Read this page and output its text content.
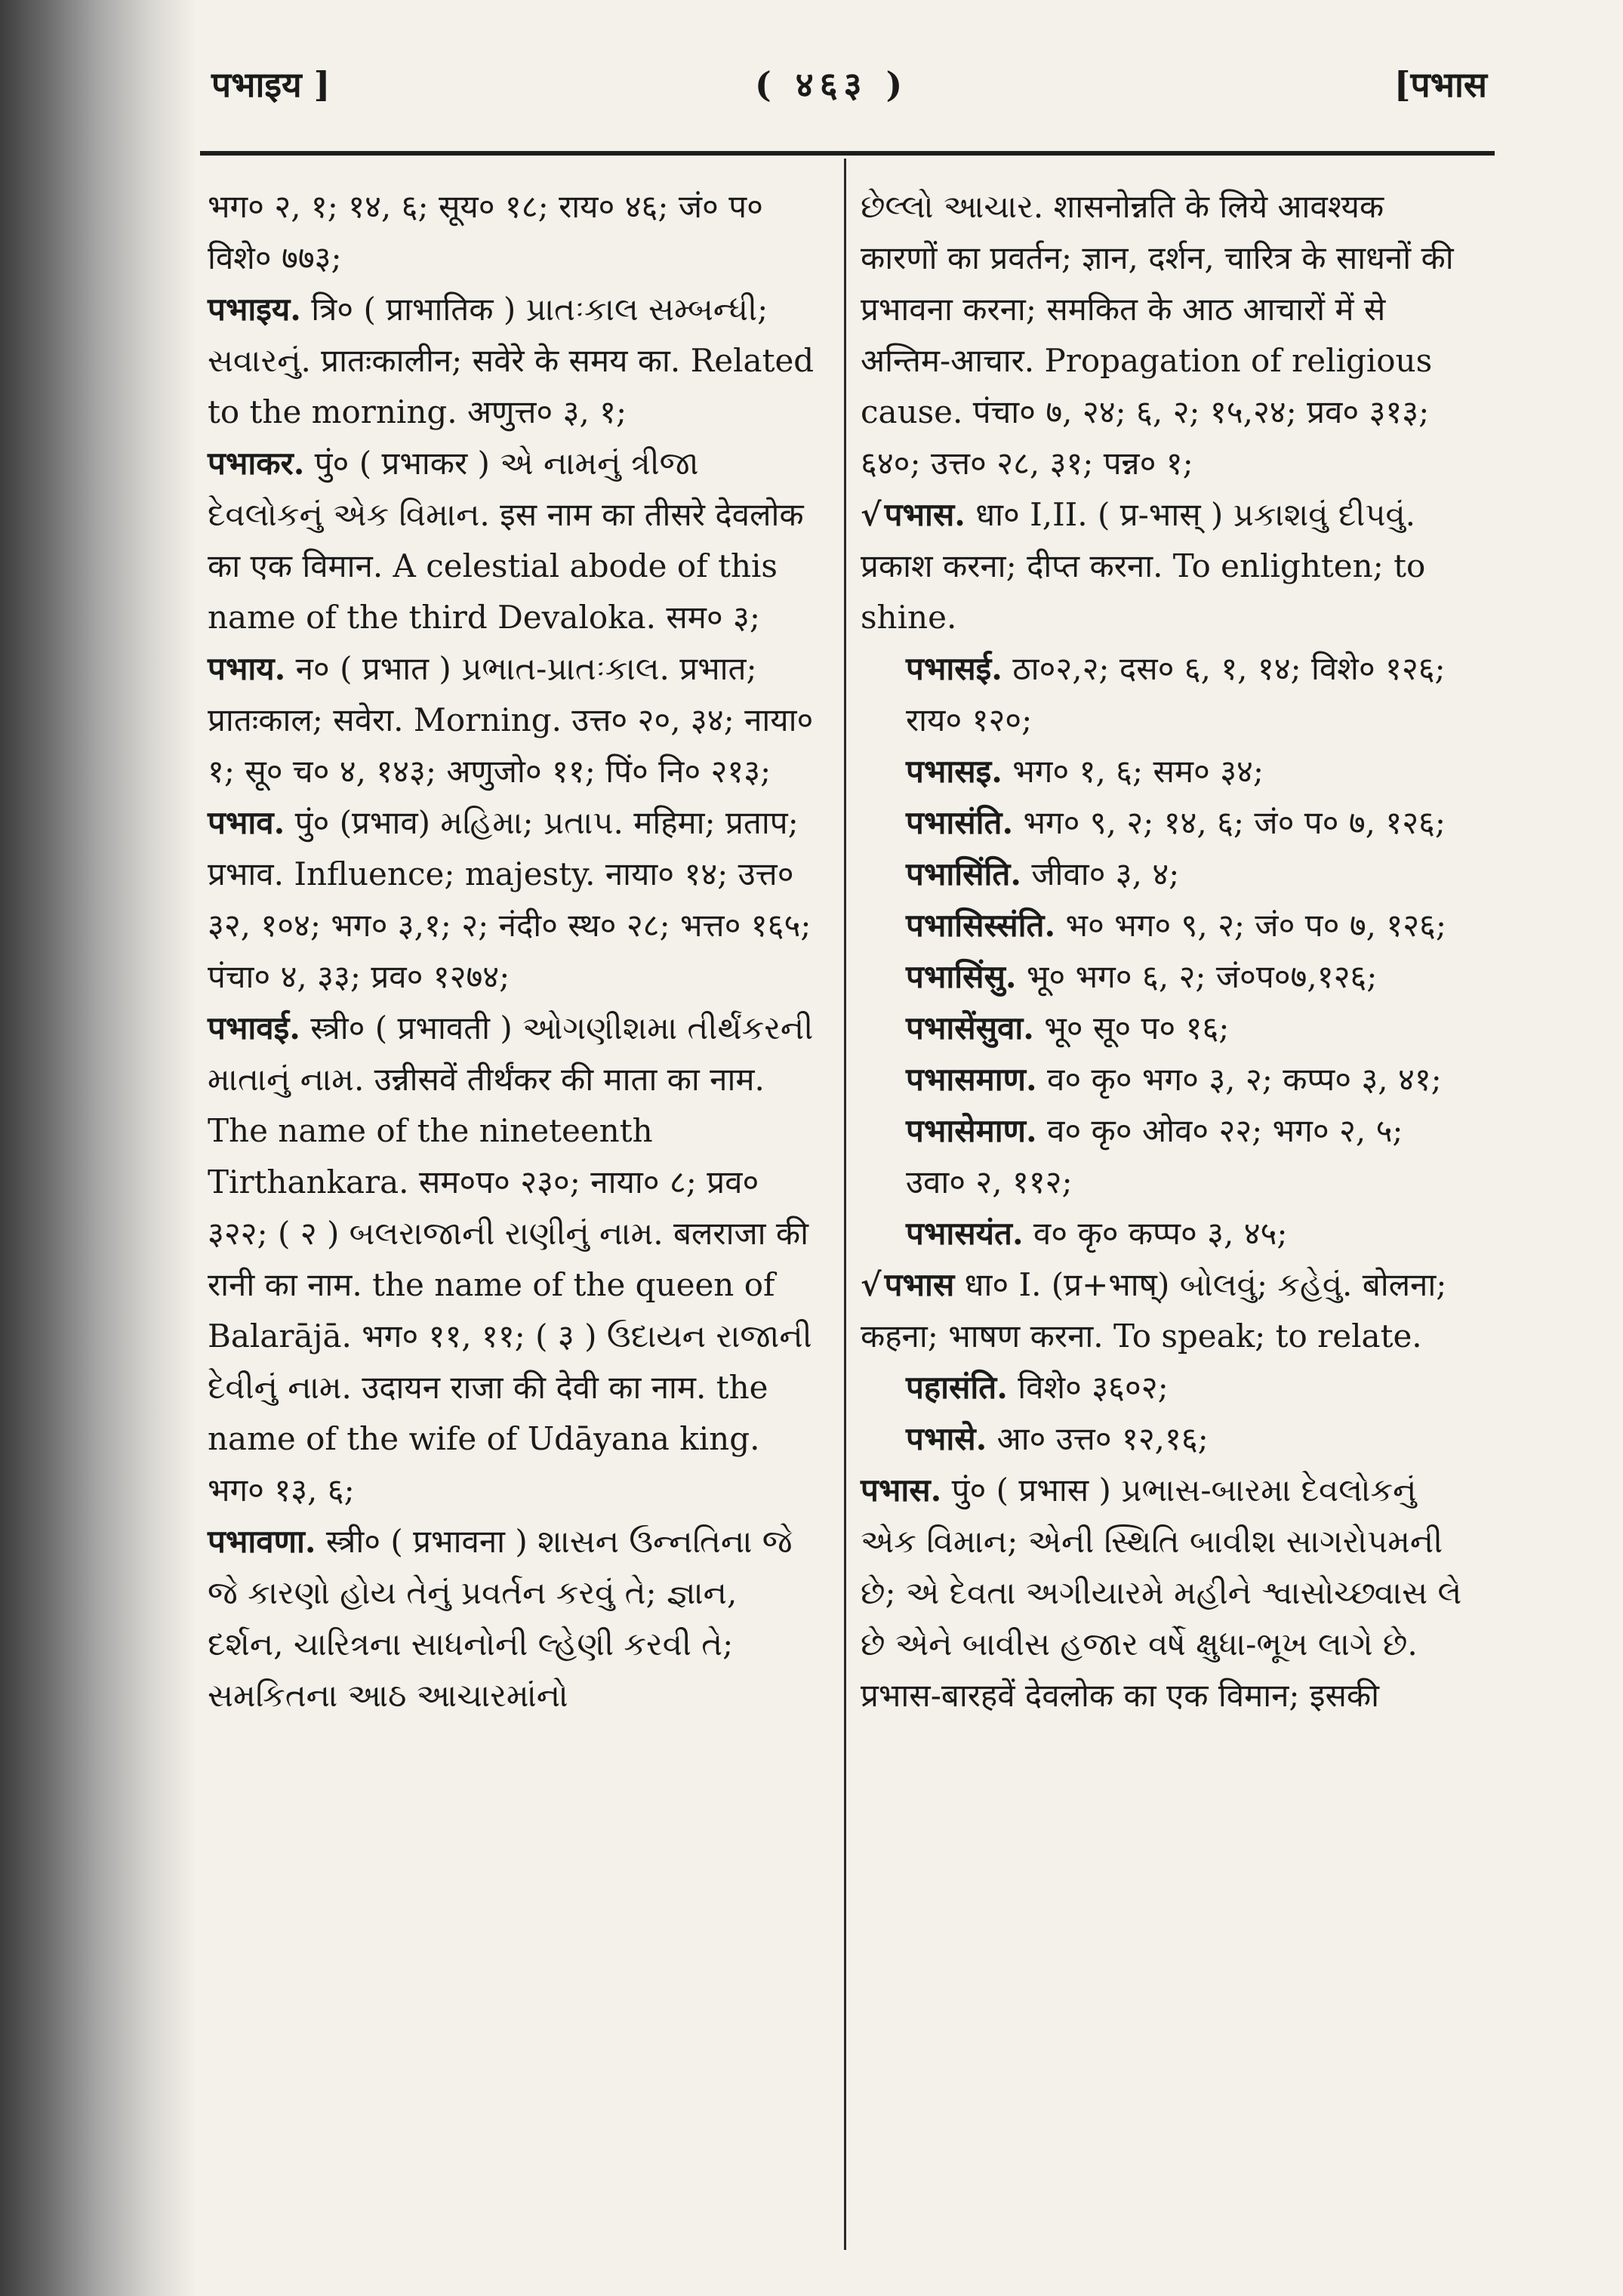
पभाइय ]	( ४६३ )	[पभास

भग० २, १; १४, ६; सूय० १८; राय० ४६; जं० प० विशे० ७७३;

पभाइय. त्रि० ( प्राभातिक ) પ્રાતઃકાલ સમ્બન્ધી; સવારનું. प्रातःकालीन; सवेरे के समय का. Related to the morning. अणुत्त० ३, १;

पभाकर. पुं० ( प्रभाकर ) એ નામનું ત્રીજા દેવલોકનું એક વિમાન. इस नाम का तीसरे देवलोक का एक विमान. A celestial abode of this name of the third Devaloka. सम० ३;

पभाय. न० ( प्रभात ) પ્રભાત-પ્રાતઃકાલ. प्रभात; प्रातःकाल; सवेरा. Morning. उत्त० २०, ३४; नाया० १; सू० च० ४, १४३; अणुजो० ११; पिं० नि० २१३;

पभाव. पुं० (प्रभाव) મહિમા; પ્રતાપ. महिमा; प्रताप; प्रभाव. Influence; majesty. नाया० १४; उत्त० ३२, १०४; भग० ३,१; २; नंदी० स्थ० २८; भत्त० १६५; पंचा० ४, ३३; प्रव० १२७४;

पभावई. स्त्री० ( प्रभावती ) ઓગણીશમા તીર્થંકરની માતાનું નામ. उन्नीसवें तीर्थंकर की माता का नाम. The name of the nineteenth Tirthankara. सम०प० २३०; नाया० ८; प्रव० ३२२; ( २ ) બલરાજાની રાણીનું નામ. बलराजा की रानी का नाम. the name of the queen of Balarājā. भग० ११, ११; ( ३ ) ઉદાયન રાજાની દેવીનું નામ. उदायन राजा की देवी का नाम. the name of the wife of Udāyana king. भग० १३, ६;

पभावणा. स्त्री० ( प्रभावना ) શાસન ઉન્નતિના જે જે કારણો હોય તેનું પ્રવર્તન કરવું તે; જ્ઞાન, દર્શન, ચારિત્રના સાધનોની લ્હેણી કરવી તે; સમકિતના આઠ આચારમાંનો

છેલ્લો આચાર. शासनोन्नति के लिये आवश्यक कारणों का प्रवर्तन; ज्ञान, दर्शन, चारित्र के साधनों की प्रभावना करना; समकित के आठ आचारों में से अन्तिम-आचार. Propagation of religious cause. पंचा० ७, २४; ६, २; १५,२४; प्रव० ३१३; ६४०; उत्त० २८, ३१; पन्न० १;

√पभास. धा० I,II. ( प्र-भास् ) પ્રકાશવું દીપવું. प्रकाश करना; दीप्त करना. To enlighten; to shine.

पभासई. ठा०२,२; दस० ६, १, १४; विशे० १२६; राय० १२०;

पभासइ. भग० १, ६; सम० ३४;

पभासंति. भग० ९, २; १४, ६; जं० प० ७, १२६;

पभासिंति. जीवा० ३, ४;

पभासिस्संति. भ० भग० ९, २; जं० प० ७, १२६;

पभासिंसु. भू० भग० ६, २; जं०प०७,१२६;

पभासेंसुवा. भू० सू० प० १६;

पभासमाण. व० कृ० भग० ३, २; कप्प० ३, ४१;

पभासेमाण. व० कृ० ओव० २२; भग० २, ५; उवा० २, ११२;

पभासयंत. व० कृ० कप्प० ३, ४५;

√पभास धा० I. (प्र+भाष्) બોલવું; કહેવું. बोलना; कहना; भाषण करना. To speak; to relate.

पहासंति. विशे० ३६०२;

पभासे. आ० उत्त० १२,१६;

पभास. पुं० ( प्रभास ) પ્રભાસ-બારમા દેવલોકનું એક વિમાન; એની સ્થિતિ બાવીશ સાગરોપમની છે; એ દેવતા અગીયારમે મહીને શ્વાસોચ્છ્વાસ લે છે એને બાવીસ હજાર વર્ષે ક્ષુધા-ભૂખ લાગે છે. प्रभास-बारहवें देवलोक का एक विमान; इसकी
